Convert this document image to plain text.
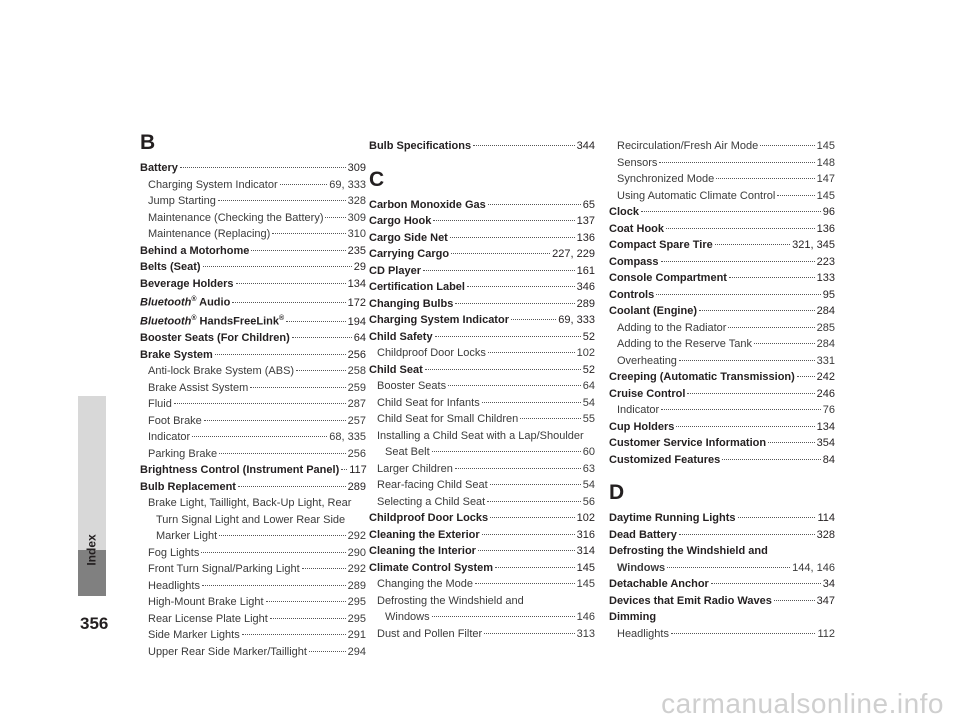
Index
356
carmanualsonline.info
B
Battery	309
Charging System Indicator	69, 333
Jump Starting	328
Maintenance (Checking the Battery) 309
Maintenance (Replacing)	310
Behind a Motorhome	235
Belts (Seat)	29
Beverage Holders	134
Bluetooth® Audio	172
Bluetooth® HandsFreeLink®	194
Booster Seats (For Children)	64
Brake System	256
Anti-lock Brake System (ABS)	258
Brake Assist System	259
Fluid	287
Foot Brake	257
Indicator	68, 335
Parking Brake	256
Brightness Control (Instrument Panel) 117
Bulb Replacement	289
Brake Light, Taillight, Back-Up Light, Rear
Turn Signal Light and Lower Rear Side
Marker Light	292
Fog Lights	290
Front Turn Signal/Parking Light	292
Headlights	289
High-Mount Brake Light	295
Rear License Plate Light	295
Side Marker Lights	291
Upper Rear Side Marker/Taillight	294
Bulb Specifications	344
C
Carbon Monoxide Gas	65
Cargo Hook	137
Cargo Side Net	136
Carrying Cargo	227, 229
CD Player	161
Certification Label	346
Changing Bulbs	289
Charging System Indicator	69, 333
Child Safety	52
Childproof Door Locks	102
Child Seat	52
Booster Seats	64
Child Seat for Infants	54
Child Seat for Small Children	55
Installing a Child Seat with a Lap/Shoulder
Seat Belt	60
Larger Children	63
Rear-facing Child Seat	54
Selecting a Child Seat	56
Childproof Door Locks	102
Cleaning the Exterior	316
Cleaning the Interior	314
Climate Control System	145
Changing the Mode	145
Defrosting the Windshield and
Windows	146
Dust and Pollen Filter	313
Recirculation/Fresh Air Mode	145
Sensors	148
Synchronized Mode	147
Using Automatic Climate Control	145
Clock	96
Coat Hook	136
Compact Spare Tire	321, 345
Compass	223
Console Compartment	133
Controls	95
Coolant (Engine)	284
Adding to the Radiator	285
Adding to the Reserve Tank	284
Overheating	331
Creeping (Automatic Transmission) 242
Cruise Control	246
Indicator	76
Cup Holders	134
Customer Service Information	354
Customized Features	84
D
Daytime Running Lights	114
Dead Battery	328
Defrosting the Windshield and
Windows	144, 146
Detachable Anchor	34
Devices that Emit Radio Waves	347
Dimming
Headlights	112
